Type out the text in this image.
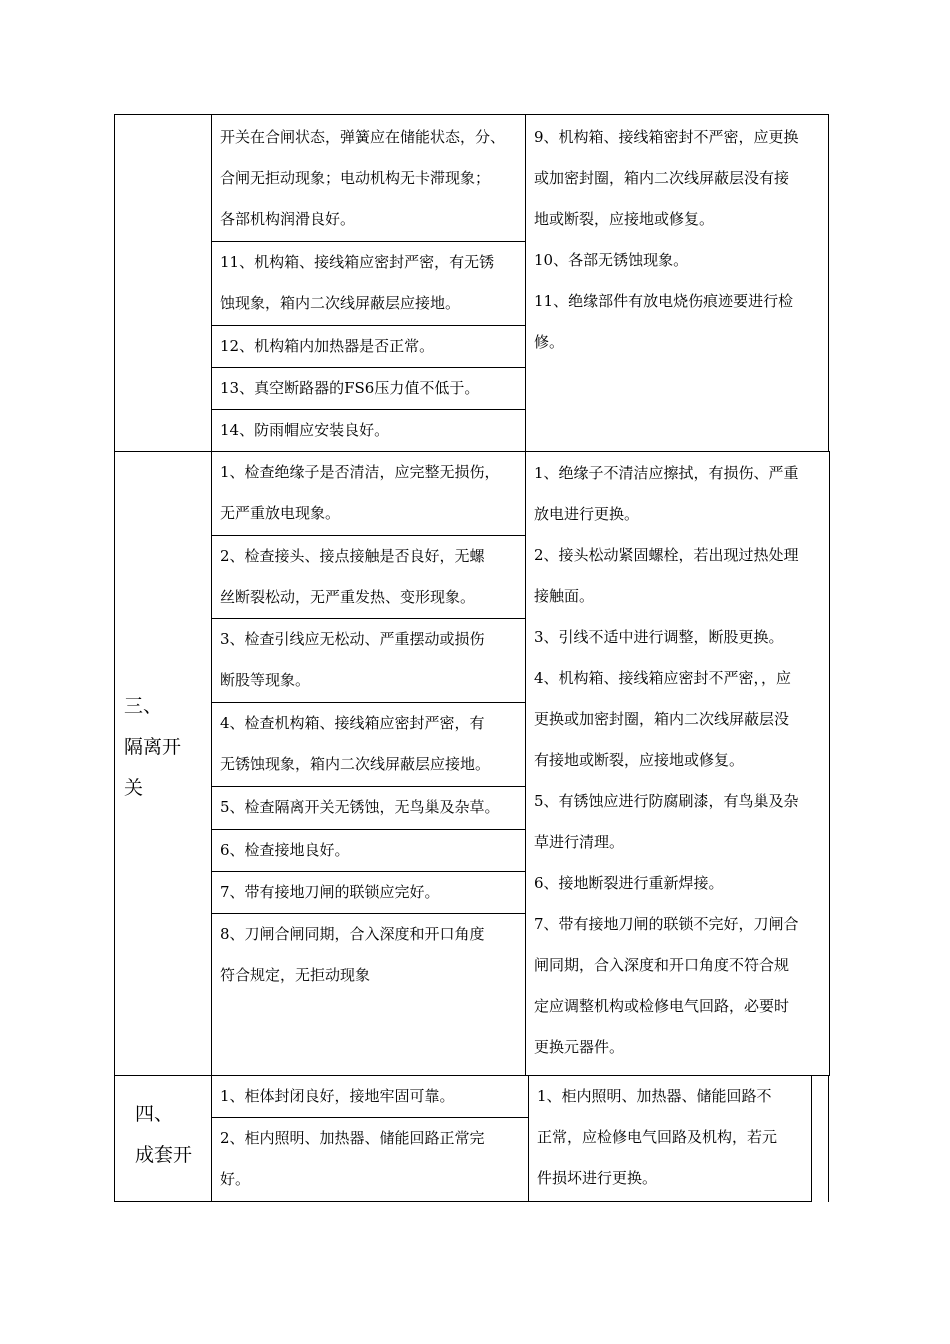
开关在合闸状态，弹簧应在储能状态，分、
合闸无拒动现象；电动机构无卡滞现象；
各部机构润滑良好。
11、机构箱、接线箱应密封严密，有无锈
蚀现象，箱内二次线屏蔽层应接地。
12、机构箱内加热器是否正常。
13、真空断路器的FS6压力值不低于。
14、防雨帽应安装良好。
9、机构箱、接线箱密封不严密，应更换
或加密封圈，箱内二次线屏蔽层没有接
地或断裂，应接地或修复。
10、各部无锈蚀现象。
11、绝缘部件有放电烧伤痕迹要进行检
修。
三、
隔离开
关
1、检查绝缘子是否清洁，应完整无损伤，
无严重放电现象。
2、检查接头、接点接触是否良好，无螺
丝断裂松动，无严重发热、变形现象。
3、检查引线应无松动、严重摆动或损伤
断股等现象。
4、检查机构箱、接线箱应密封严密，有
无锈蚀现象，箱内二次线屏蔽层应接地。
5、检查隔离开关无锈蚀，无鸟巢及杂草。
6、检查接地良好。
7、带有接地刀闸的联锁应完好。
8、刀闸合闸同期，合入深度和开口角度
符合规定，无拒动现象
1、绝缘子不清洁应擦拭，有损伤、严重
放电进行更换。
2、接头松动紧固螺栓，若出现过热处理
接触面。
3、引线不适中进行调整，断股更换。
4、机构箱、接线箱应密封不严密，，应
更换或加密封圈，箱内二次线屏蔽层没
有接地或断裂，应接地或修复。
5、有锈蚀应进行防腐刷漆，有鸟巢及杂
草进行清理。
6、接地断裂进行重新焊接。
7、带有接地刀闸的联锁不完好，刀闸合
闸同期，合入深度和开口角度不符合规
定应调整机构或检修电气回路，必要时
更换元器件。
四、
成套开
1、柜体封闭良好，接地牢固可靠。
2、柜内照明、加热器、储能回路正常完
好。
1、柜内照明、加热器、储能回路不
正常，应检修电气回路及机构，若元
件损坏进行更换。
